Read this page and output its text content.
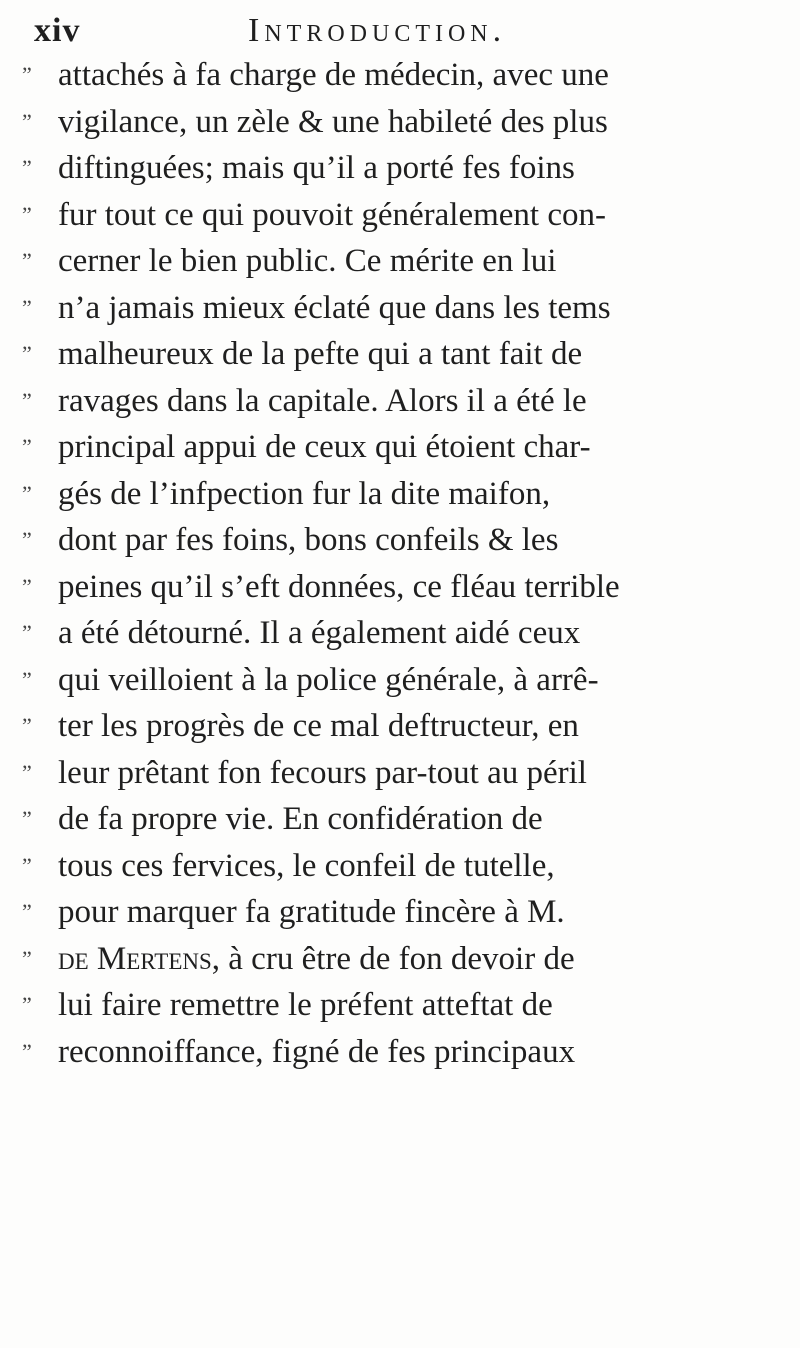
xiv	Introduction.
” attachés à fa charge de médecin, avec une
” vigilance, un zèle & une habileté des plus
” diftinguées; mais qu’il a porté fes foins
” fur tout ce qui pouvoit généralement con-
” cerner le bien public. Ce mérite en lui
” n’a jamais mieux éclaté que dans les tems
” malheureux de la pefte qui a tant fait de
” ravages dans la capitale. Alors il a été le
” principal appui de ceux qui étoient char-
” gés de l’infpection fur la dite maifon,
” dont par fes foins, bons confeils & les
” peines qu’il s’eft données, ce fléau terrible
” a été détourné. Il a également aidé ceux
” qui veilloient à la police générale, à arrê-
” ter les progrès de ce mal deftructeur, en
” leur prêtant fon fecours par-tout au péril
” de fa propre vie. En confidération de
” tous ces fervices, le confeil de tutelle,
” pour marquer fa gratitude fincère à M.
” de Mertens, à cru être de fon devoir de
” lui faire remettre le préfent atteftat de
” reconnoiffance, figné de fes principaux
